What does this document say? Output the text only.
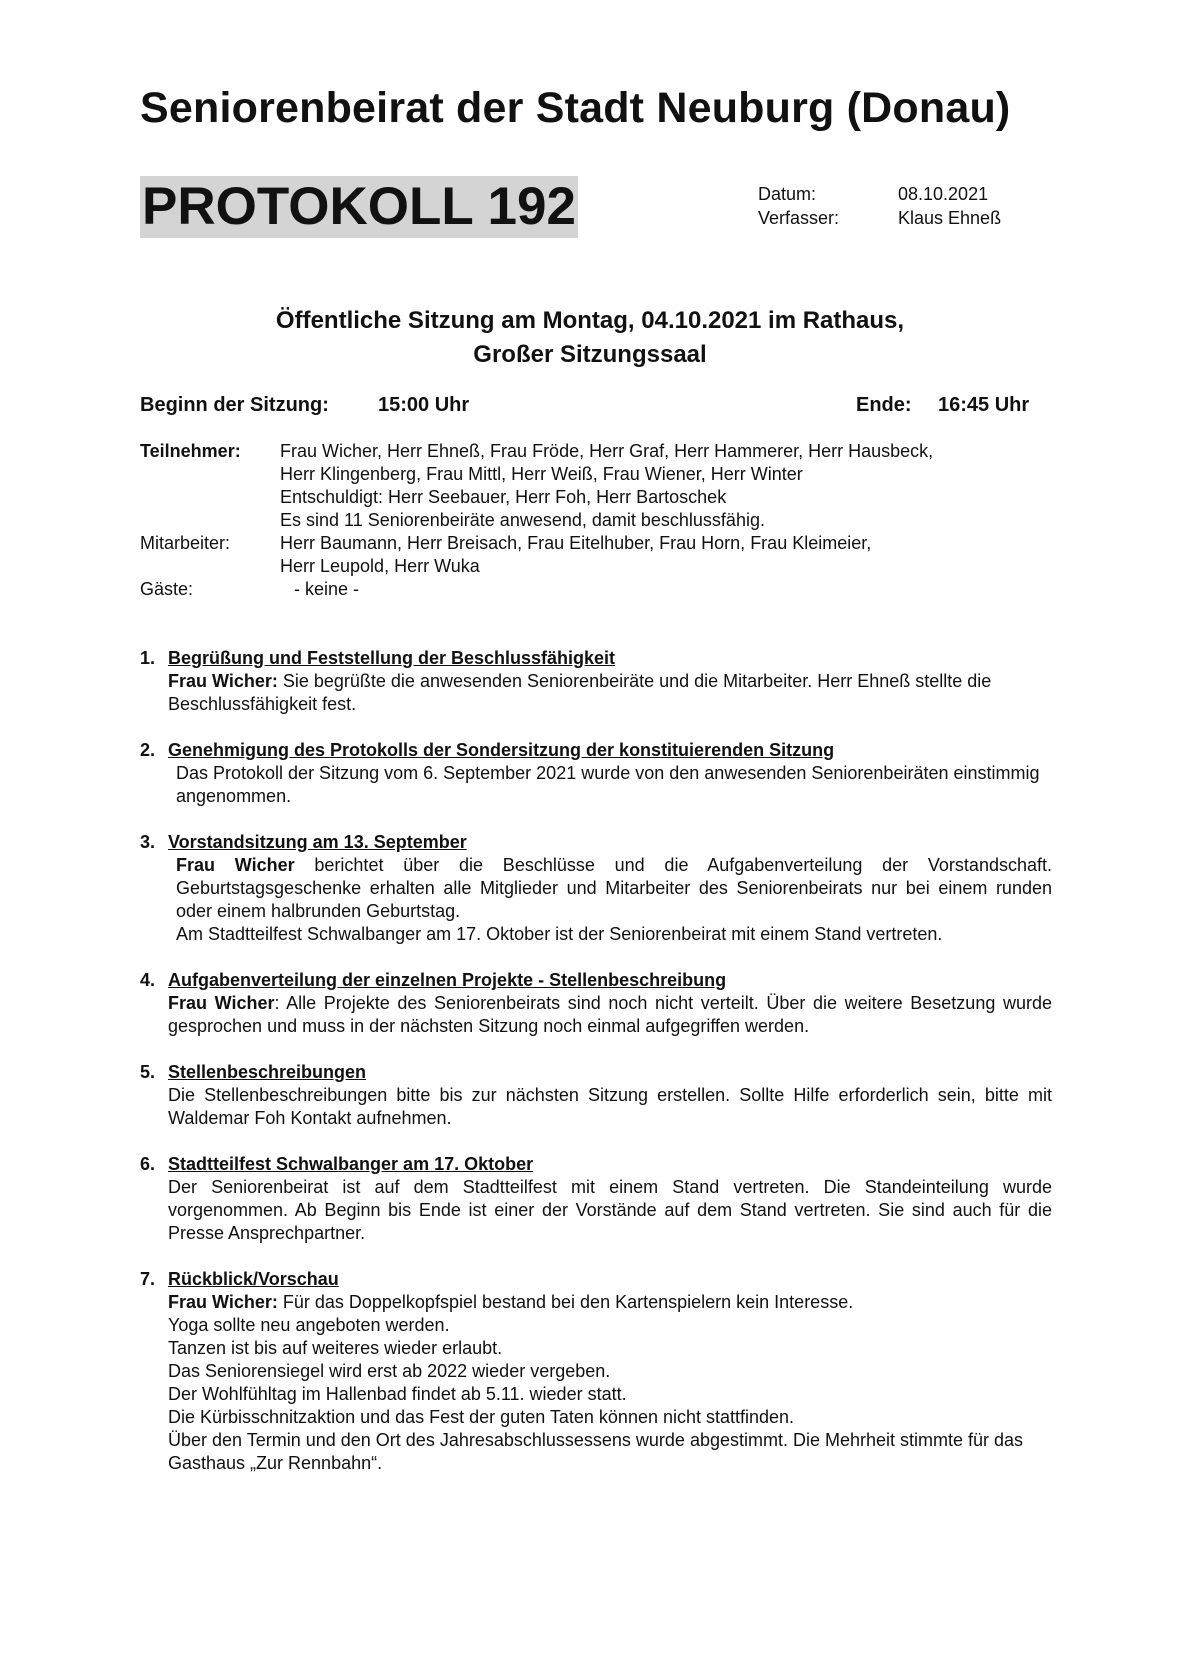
Seniorenbeirat der Stadt Neuburg (Donau)
PROTOKOLL 192	Datum:	08.10.2021
Verfasser:	Klaus Ehneß
Öffentliche Sitzung am Montag, 04.10.2021 im Rathaus,
Großer Sitzungssaal
Beginn der Sitzung: 15:00 Uhr	Ende: 16:45 Uhr
Teilnehmer: Frau Wicher, Herr Ehneß, Frau Fröde, Herr Graf, Herr Hammerer, Herr Hausbeck,
Herr Klingenberg, Frau Mittl, Herr Weiß, Frau Wiener, Herr Winter
Entschuldigt: Herr Seebauer, Herr Foh, Herr Bartoschek
Es sind 11 Seniorenbeiräte anwesend, damit beschlussfähig.
Mitarbeiter:	Herr Baumann, Herr Breisach, Frau Eitelhuber, Frau Horn, Frau Kleimeier,
Herr Leupold, Herr Wuka
Gäste:	- keine -
1. Begrüßung und Feststellung der Beschlussfähigkeit
Frau Wicher: Sie begrüßte die anwesenden Seniorenbeiräte und die Mitarbeiter. Herr Ehneß stellte die Beschlussfähigkeit fest.
2. Genehmigung des Protokolls der Sondersitzung der konstituierenden Sitzung
Das Protokoll der Sitzung vom 6. September 2021 wurde von den anwesenden Seniorenbeiräten einstimmig angenommen.
3. Vorstandsitzung am 13. September
Frau Wicher berichtet über die Beschlüsse und die Aufgabenverteilung der Vorstandschaft. Geburtstagsgeschenke erhalten alle Mitglieder und Mitarbeiter des Seniorenbeirats nur bei einem runden oder einem halbrunden Geburtstag.
Am Stadtteilfest Schwalbanger am 17. Oktober ist der Seniorenbeirat mit einem Stand vertreten.
4. Aufgabenverteilung der einzelnen Projekte - Stellenbeschreibung
Frau Wicher: Alle Projekte des Seniorenbeirats sind noch nicht verteilt. Über die weitere Besetzung wurde gesprochen und muss in der nächsten Sitzung noch einmal aufgegriffen werden.
5. Stellenbeschreibungen
Die Stellenbeschreibungen bitte bis zur nächsten Sitzung erstellen. Sollte Hilfe erforderlich sein, bitte mit Waldemar Foh Kontakt aufnehmen.
6. Stadtteilfest Schwalbanger am 17. Oktober
Der Seniorenbeirat ist auf dem Stadtteilfest mit einem Stand vertreten. Die Standeinteilung wurde vorgenommen. Ab Beginn bis Ende ist einer der Vorstände auf dem Stand vertreten. Sie sind auch für die Presse Ansprechpartner.
7. Rückblick/Vorschau
Frau Wicher: Für das Doppelkopfspiel bestand bei den Kartenspielern kein Interesse.
Yoga sollte neu angeboten werden.
Tanzen ist bis auf weiteres wieder erlaubt.
Das Seniorensiegel wird erst ab 2022 wieder vergeben.
Der Wohlfühltag im Hallenbad findet ab 5.11. wieder statt.
Die Kürbisschnitzaktion und das Fest der guten Taten können nicht stattfinden.
Über den Termin und den Ort des Jahresabschlussessens wurde abgestimmt. Die Mehrheit stimmte für das Gasthaus „Zur Rennbahn“.
